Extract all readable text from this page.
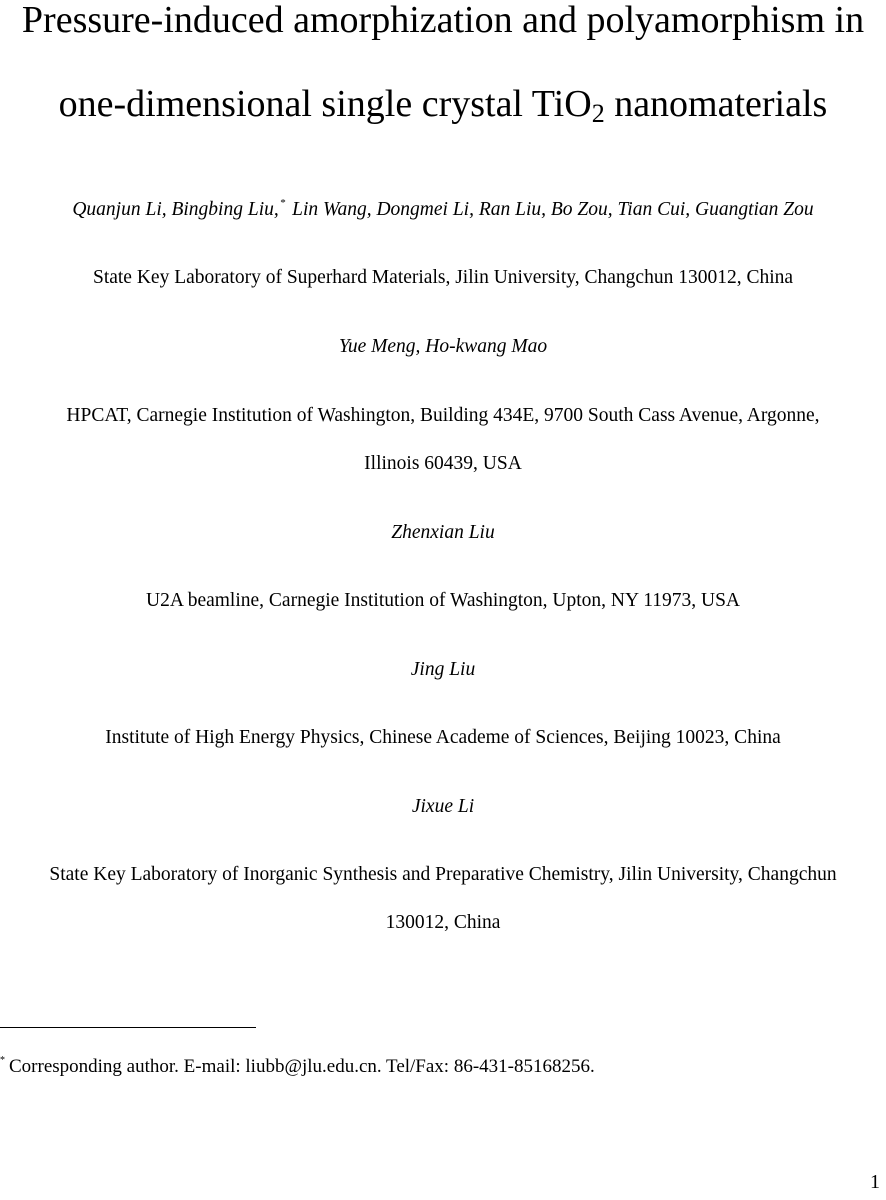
Pressure-induced amorphization and polyamorphism in
one-dimensional single crystal TiO$_2$ nanomaterials
Quanjun Li, Bingbing Liu,* Lin Wang, Dongmei Li, Ran Liu, Bo Zou, Tian Cui, Guangtian Zou
State Key Laboratory of Superhard Materials, Jilin University, Changchun 130012, China
Yue Meng, Ho-kwang Mao
HPCAT, Carnegie Institution of Washington, Building 434E, 9700 South Cass Avenue, Argonne,
Illinois 60439, USA
Zhenxian Liu
U2A beamline, Carnegie Institution of Washington, Upton, NY 11973, USA
Jing Liu
Institute of High Energy Physics, Chinese Academe of Sciences, Beijing 10023, China
Jixue Li
State Key Laboratory of Inorganic Synthesis and Preparative Chemistry, Jilin University, Changchun
130012, China
* Corresponding author. E-mail: liubb@jlu.edu.cn. Tel/Fax: 86-431-85168256.
1
